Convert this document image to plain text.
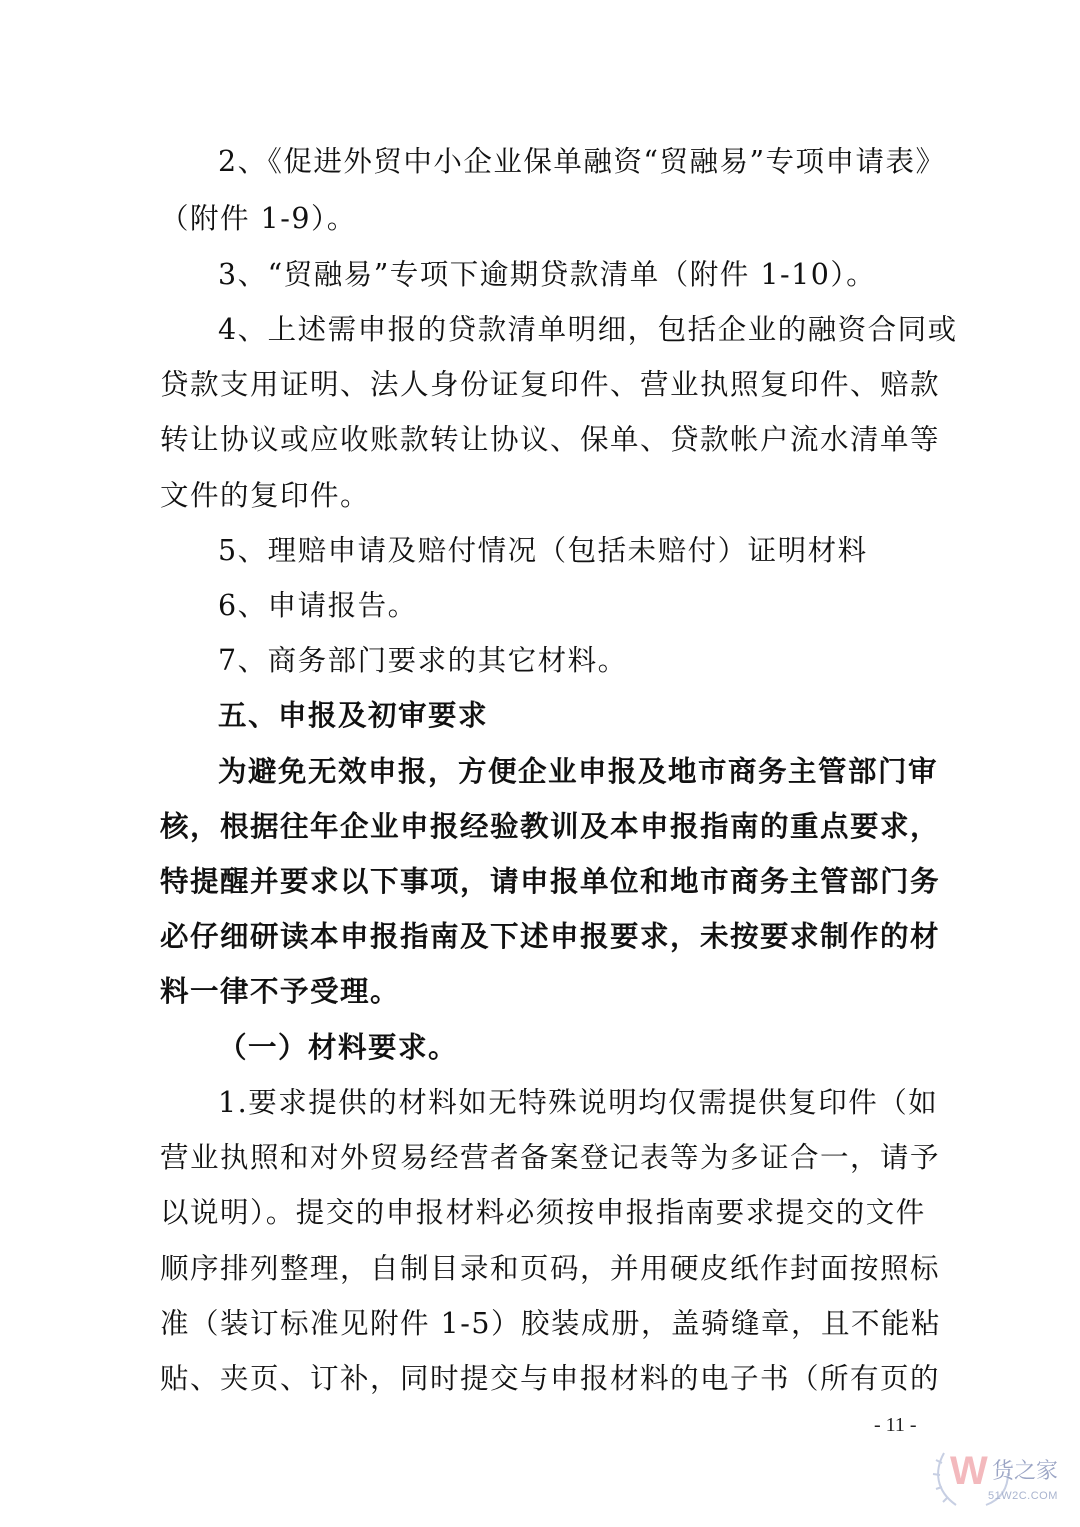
2、《促进外贸中小企业保单融资“贸融易”专项申请表》
（附件 1-9）。
3、“贸融易”专项下逾期贷款清单（附件 1-10）。
4、上述需申报的贷款清单明细，包括企业的融资合同或
贷款支用证明、法人身份证复印件、营业执照复印件、赔款
转让协议或应收账款转让协议、保单、贷款帐户流水清单等
文件的复印件。
5、理赔申请及赔付情况（包括未赔付）证明材料
6、申请报告。
7、商务部门要求的其它材料。
五、申报及初审要求
为避免无效申报，方便企业申报及地市商务主管部门审
核，根据往年企业申报经验教训及本申报指南的重点要求，
特提醒并要求以下事项，请申报单位和地市商务主管部门务
必仔细研读本申报指南及下述申报要求，未按要求制作的材
料一律不予受理。
（一）材料要求。
1.要求提供的材料如无特殊说明均仅需提供复印件（如
营业执照和对外贸易经营者备案登记表等为多证合一，请予
以说明）。提交的申报材料必须按申报指南要求提交的文件
顺序排列整理，自制目录和页码，并用硬皮纸作封面按照标
准（装订标准见附件 1-5）胶装成册，盖骑缝章，且不能粘
贴、夹页、订补，同时提交与申报材料的电子书（所有页的
- 11 -
W 货之家
51W2C.COM
